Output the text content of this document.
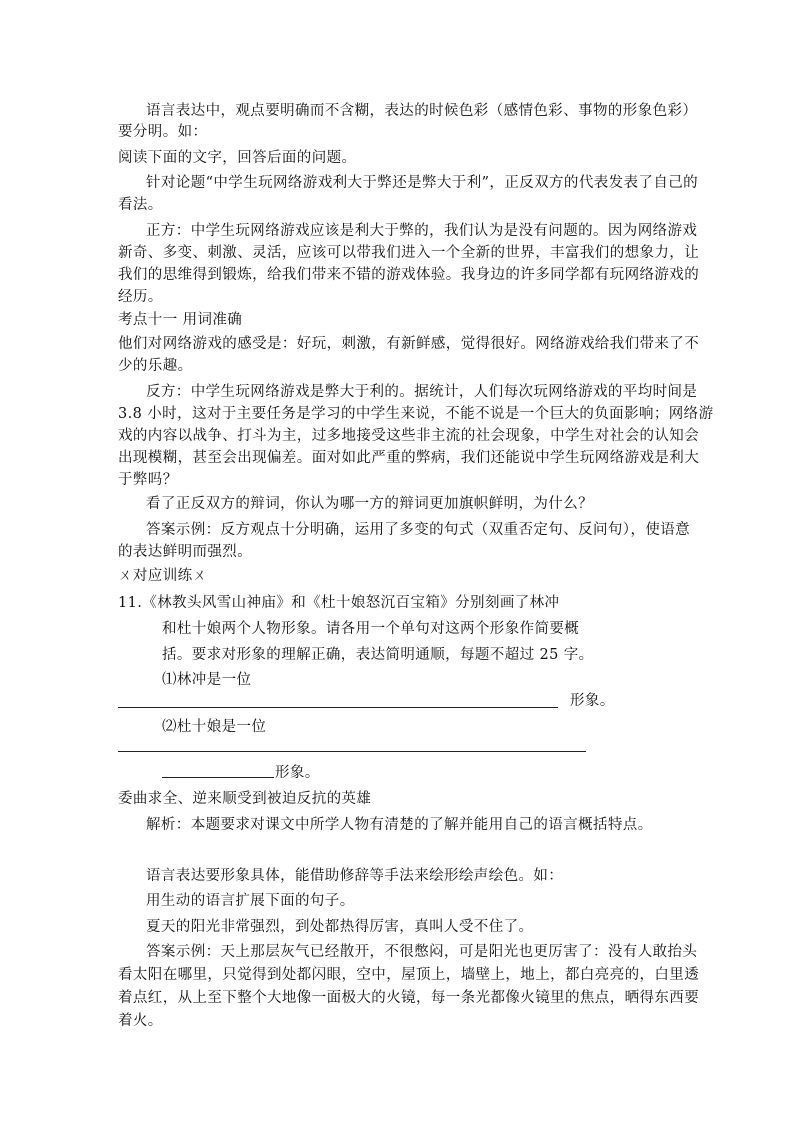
语言表达中，观点要明确而不含糊，表达的时候色彩（感情色彩、事物的形象色彩）
要分明。如：
阅读下面的文字，回答后面的问题。
针对论题“中学生玩网络游戏利大于弊还是弊大于利”，正反双方的代表发表了自己的
看法。
正方：中学生玩网络游戏应该是利大于弊的，我们认为是没有问题的。因为网络游戏
新奇、多变、刺激、灵活，应该可以带我们进入一个全新的世界，丰富我们的想象力，让
我们的思维得到锻炼，给我们带来不错的游戏体验。我身边的许多同学都有玩网络游戏的
经历。
考点十一 用词准确
他们对网络游戏的感受是：好玩，刺激，有新鲜感，觉得很好。网络游戏给我们带来了不
少的乐趣。
反方：中学生玩网络游戏是弊大于利的。据统计，人们每次玩网络游戏的平均时间是
3.8 小时，这对于主要任务是学习的中学生来说，不能不说是一个巨大的负面影响；网络游
戏的内容以战争、打斗为主，过多地接受这些非主流的社会现象，中学生对社会的认知会
出现模糊，甚至会出现偏差。面对如此严重的弊病，我们还能说中学生玩网络游戏是利大
于弊吗？
看了正反双方的辩词，你认为哪一方的辩词更加旗帜鲜明，为什么？
答案示例：反方观点十分明确，运用了多变的句式（双重否定句、反问句），使语意
的表达鲜明而强烈。
ㄨ对应训练ㄨ
11.《林教头风雪山神庙》和《杜十娘怒沉百宝箱》分别刻画了林冲
和杜十娘两个人物形象。请各用一个单句对这两个形象作简要概
括。要求对形象的理解正确，表达简明通顺，每题不超过 25 字。
⑴林冲是一位
形象。
⑵杜十娘是一位
形象。
委曲求全、逆来顺受到被迫反抗的英雄
解析：本题要求对课文中所学人物有清楚的了解并能用自己的语言概括特点。
语言表达要形象具体，能借助修辞等手法来绘形绘声绘色。如：
用生动的语言扩展下面的句子。
夏天的阳光非常强烈，到处都热得厉害，真叫人受不住了。
答案示例：天上那层灰气已经散开，不很憋闷，可是阳光也更厉害了：没有人敢抬头
看太阳在哪里，只觉得到处都闪眼，空中，屋顶上，墙壁上，地上，都白亮亮的，白里透
着点红，从上至下整个大地像一面极大的火镜，每一条光都像火镜里的焦点，晒得东西要
着火。
